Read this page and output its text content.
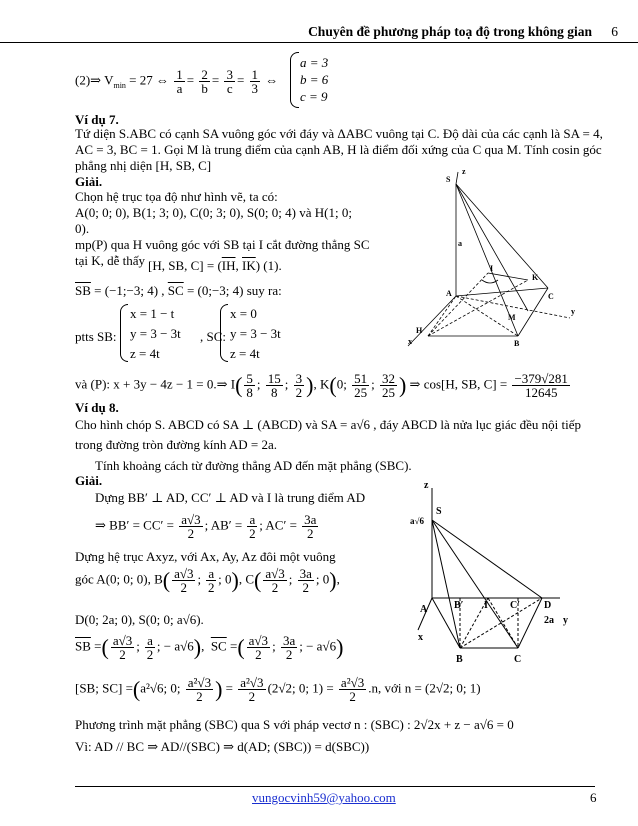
Chuyên đề phương pháp toạ độ trong không gian 6
(2)⇒ $V_{min} = 27$ ⇔ $\frac{1}{a} = \frac{2}{b} = \frac{3}{c} = \frac{1}{3}$ ⇔
a = 3
b = 6
c = 9
Ví dụ 7.
Tứ diện S.ABC có cạnh SA vuông góc với đáy và ΔABC vuông tại C. Độ dài của các cạnh là SA = 4,
AC = 3, BC = 1. Gọi M là trung điểm của cạnh AB, H là điểm đối xứng của C qua M. Tính cosin góc
phẳng nhị diện [H, SB, C]
Giải.
Chọn hệ trục tọa độ như hình vẽ, ta có:
A(0; 0; 0), B(1; 3; 0), C(0; 3; 0), S(0; 0; 4) và H(1; 0;
0).
mp(P) qua H vuông góc với SB tại I cắt đường thẳng SC
tại K, dễ thấy [H, SB, $C] = (\overline{IH}$, $\overline{IK}$) (1).
$\overline{SB}$ = (−1;−3; 4) , $\overline{SC}$ = (0;−3; 4) suy ra:
ptts SB:
x = 1 − t
y = 3 − 3t
z = 4t
, SC:
x = 0
y = 3 − 3t
z = 4t
và (P): x + 3y − 4z − 1 = 0.⇒ $I( \frac{5}{8}$ ; $\frac{15}{8}$ ; $\frac{3}{2}$ ), K(0; $\frac{51}{25}$ ; $\frac{32}{25}$ ) ⇒ cos[H, SB, $C] = \frac{-379√281}{12645}$
S
z
a
I
K
A
M
C
y
H
B
x
Ví dụ 8.
Cho hình chóp S. ABCD có SA ⊥ (ABCD) và SA = a√6 , đáy ABCD là nửa lục giác đều nội tiếp
trong đường tròn đường kính AD = 2a.
Tính khoảng cách từ đường thẳng AD đến mặt phẳng (SBC).
Giải.
Dựng BB′ ⊥ AD, CC′ ⊥ AD và I là trung điểm AD
⇒ $BB' = CC' = \frac{a√3}{2}$ ; $AB' = \frac{a}{2}$ ; $AC' = \frac{3a}{2}$
Dựng hệ trục Axyz, với Ax, Ay, Az đôi một vuông
góc A(0; 0; 0), $B( \frac{a√3}{2}$ ; $\frac{a}{2}$ ; 0), $C( \frac{a√3}{2}$ ; $\frac{3a}{2}$ ; 0),
D(0; 2a; 0), S(0; 0; a√6).
$\overline{SB}$ =( $\frac{a√3}{2}$ ; $\frac{a}{2}$ ; − a√6),  $\overline{SC}$ =( $\frac{a√3}{2}$ ; $\frac{3a}{2}$ ; − a√6)
[SB; SC] =(a²√6; 0; $\frac{\text{a²√3}}{2}$ ) = $\frac{\text{a²√3}}{2} (2√2$; 0; $1) = \frac{\text{a²√3}}{2} .n$, với n = (2√2; 0; 1)
Phương trình mặt phẳng (SBC) qua S với pháp vectơ n : (SBC) : 2√2x + z − a√6 = 0
Vì: AD // BC ⇒ AD//(SBC) ⇒ d(AD; (SBC)) = d(SBC))
z
S
a√6
A	B′ I C′ D
2a y
x
B	C
vungocvinh59@yahoo.com	6
